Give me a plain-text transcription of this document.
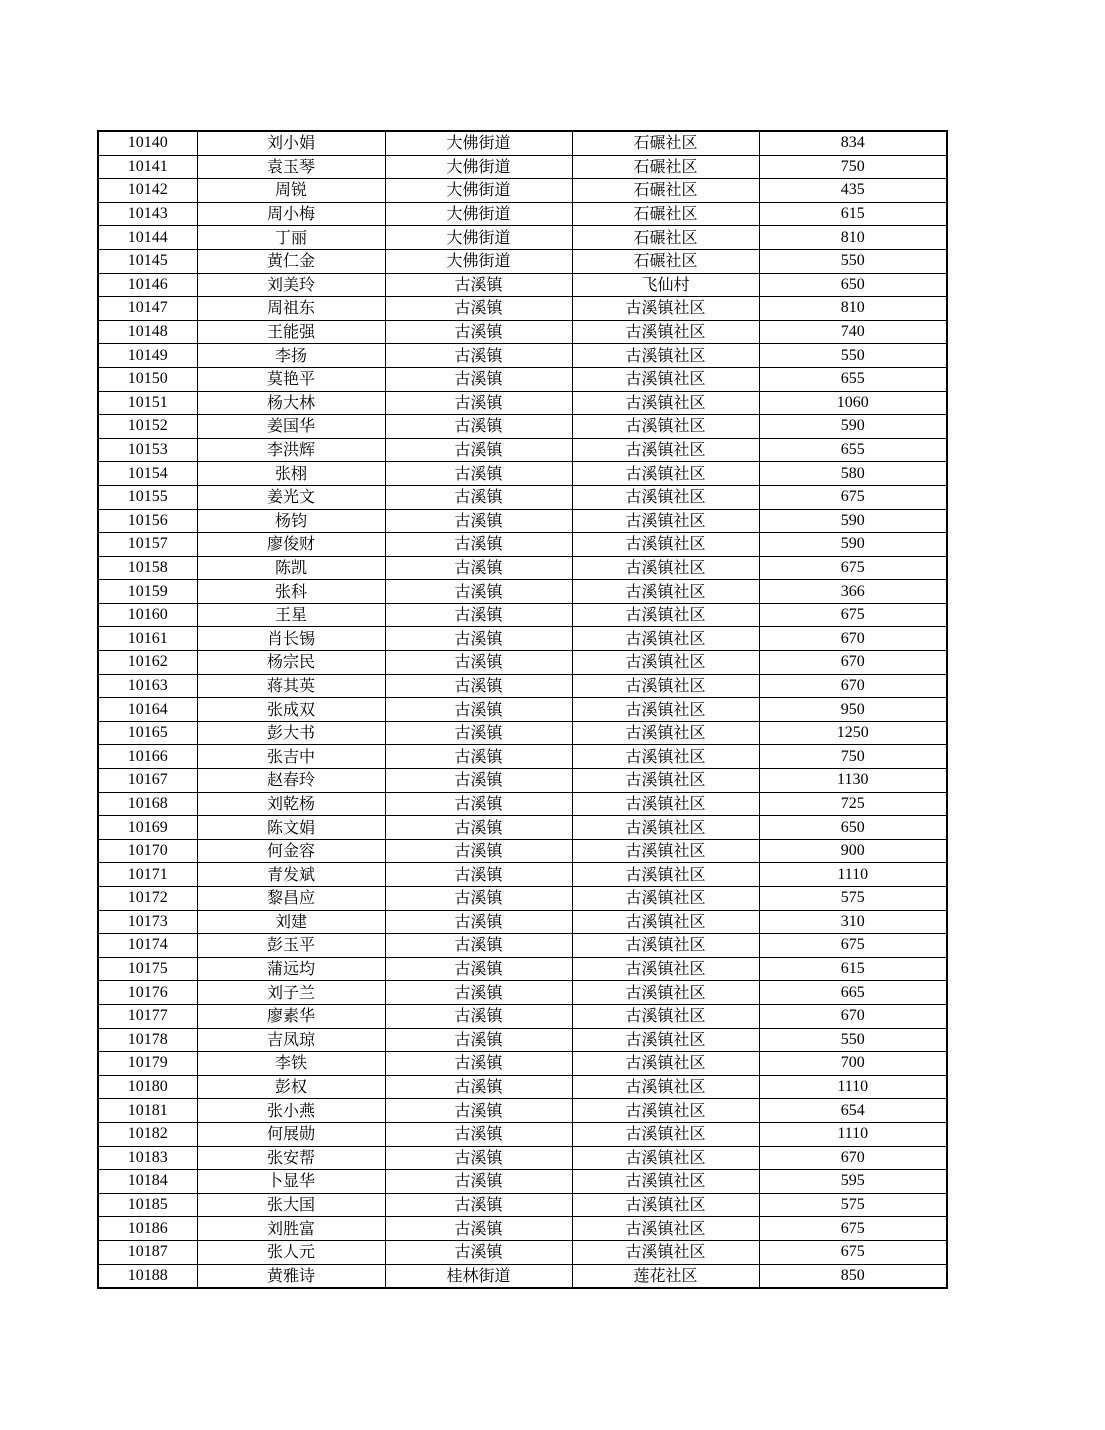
10140	刘小娟	大佛街道	石碾社区	834
10141	袁玉琴	大佛街道	石碾社区	750
10142	周锐	大佛街道	石碾社区	435
10143	周小梅	大佛街道	石碾社区	615
10144	丁丽	大佛街道	石碾社区	810
10145	黄仁金	大佛街道	石碾社区	550
10146	刘美玲	古溪镇	飞仙村	650
10147	周祖东	古溪镇	古溪镇社区	810
10148	王能强	古溪镇	古溪镇社区	740
10149	李扬	古溪镇	古溪镇社区	550
10150	莫艳平	古溪镇	古溪镇社区	655
10151	杨大林	古溪镇	古溪镇社区	1060
10152	姜国华	古溪镇	古溪镇社区	590
10153	李洪辉	古溪镇	古溪镇社区	655
10154	张栩	古溪镇	古溪镇社区	580
10155	姜光文	古溪镇	古溪镇社区	675
10156	杨钧	古溪镇	古溪镇社区	590
10157	廖俊财	古溪镇	古溪镇社区	590
10158	陈凯	古溪镇	古溪镇社区	675
10159	张科	古溪镇	古溪镇社区	366
10160	王星	古溪镇	古溪镇社区	675
10161	肖长锡	古溪镇	古溪镇社区	670
10162	杨宗民	古溪镇	古溪镇社区	670
10163	蒋其英	古溪镇	古溪镇社区	670
10164	张成双	古溪镇	古溪镇社区	950
10165	彭大书	古溪镇	古溪镇社区	1250
10166	张吉中	古溪镇	古溪镇社区	750
10167	赵春玲	古溪镇	古溪镇社区	1130
10168	刘乾杨	古溪镇	古溪镇社区	725
10169	陈文娟	古溪镇	古溪镇社区	650
10170	何金容	古溪镇	古溪镇社区	900
10171	青发斌	古溪镇	古溪镇社区	1110
10172	黎昌应	古溪镇	古溪镇社区	575
10173	刘建	古溪镇	古溪镇社区	310
10174	彭玉平	古溪镇	古溪镇社区	675
10175	蒲远均	古溪镇	古溪镇社区	615
10176	刘子兰	古溪镇	古溪镇社区	665
10177	廖素华	古溪镇	古溪镇社区	670
10178	吉凤琼	古溪镇	古溪镇社区	550
10179	李铁	古溪镇	古溪镇社区	700
10180	彭权	古溪镇	古溪镇社区	1110
10181	张小燕	古溪镇	古溪镇社区	654
10182	何展勋	古溪镇	古溪镇社区	1110
10183	张安帮	古溪镇	古溪镇社区	670
10184	卜显华	古溪镇	古溪镇社区	595
10185	张大国	古溪镇	古溪镇社区	575
10186	刘胜富	古溪镇	古溪镇社区	675
10187	张人元	古溪镇	古溪镇社区	675
10188	黄雅诗	桂林街道	莲花社区	850
